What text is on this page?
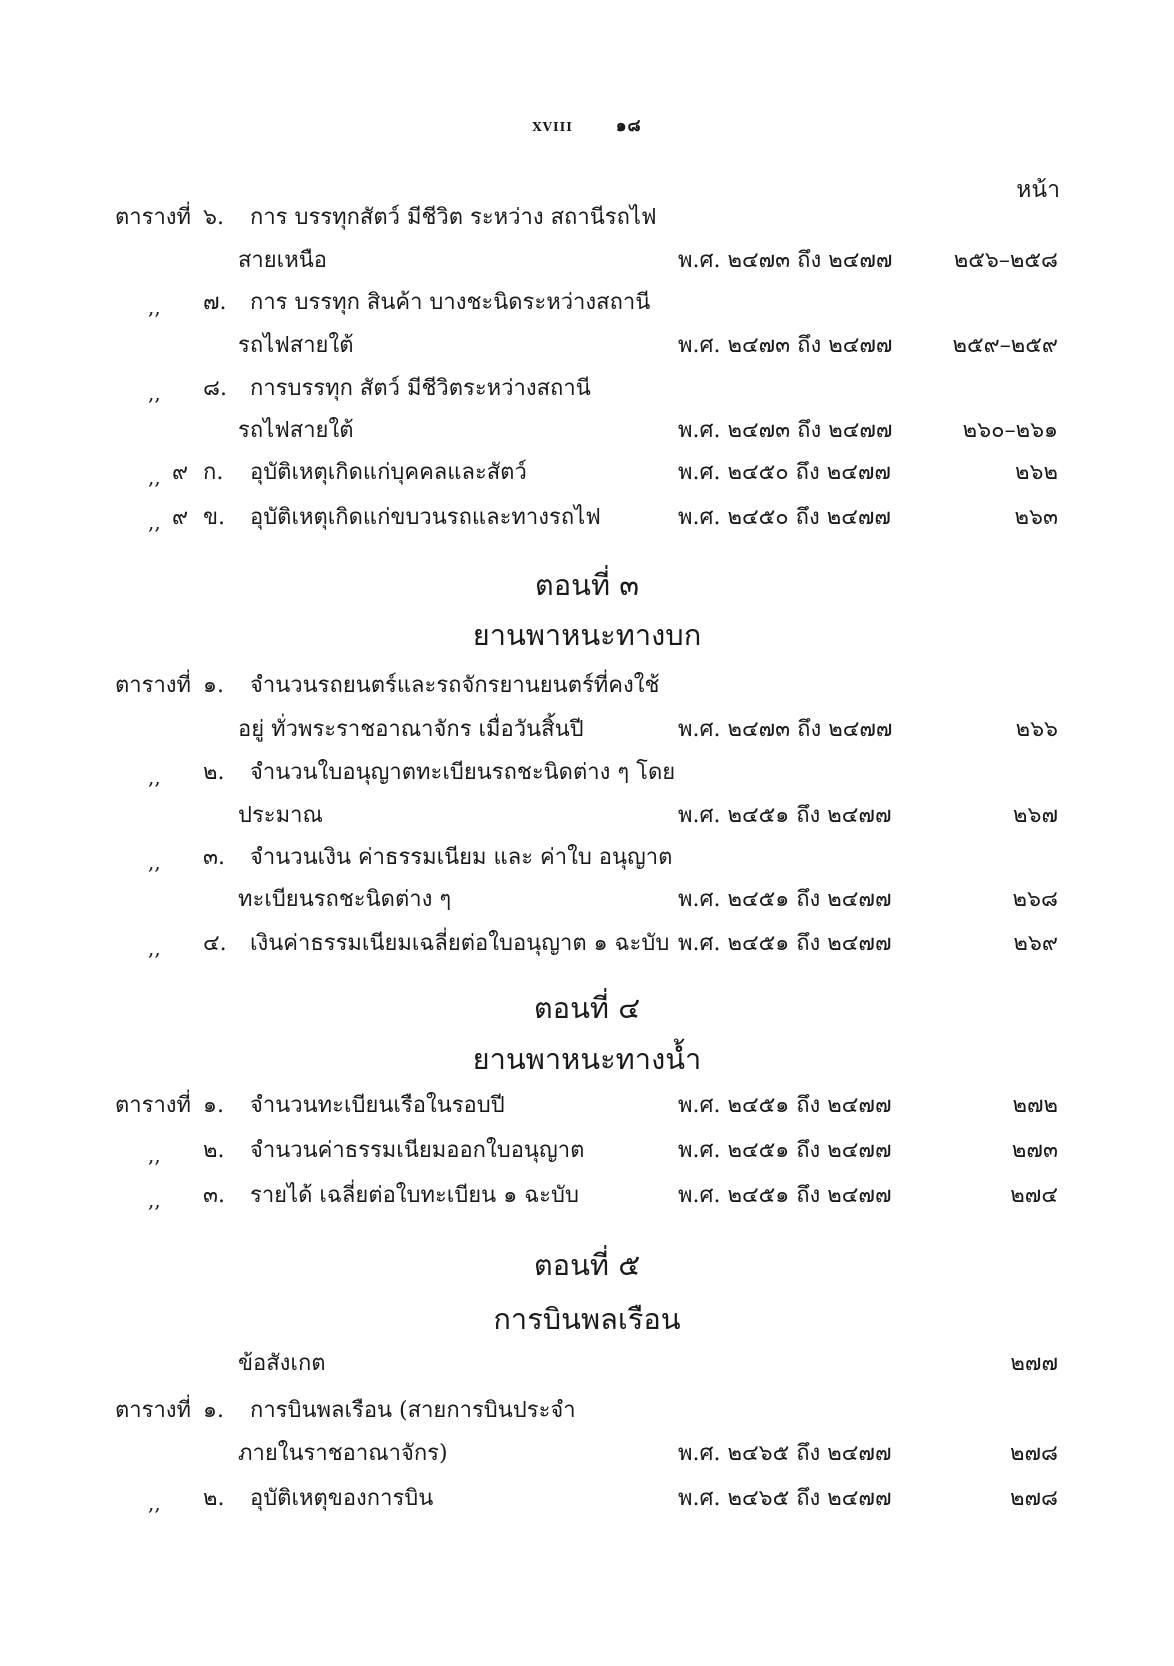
XVIII	๑๘
หน้า
ตารางที่ ๖. การ บรรทุกสัตว์ มีชีวิต ระหว่าง สถานีรถไฟ
สายเหนือ	พ.ศ. ๒๔๗๓ ถึง ๒๔๗๗	๒๕๖–๒๕๘
,, ๗. การ บรรทุก สินค้า บางชะนิดระหว่างสถานี
รถไฟสายใต้	พ.ศ. ๒๔๗๓ ถึง ๒๔๗๗	๒๕๙–๒๕๙
,, ๘. การบรรทุก สัตว์ มีชีวิตระหว่างสถานี
รถไฟสายใต้	พ.ศ. ๒๔๗๓ ถึง ๒๔๗๗	๒๖๐–๒๖๑
,, ๙ ก. อุบัติเหตุเกิดแก่บุคคลและสัตว์	พ.ศ. ๒๔๕๐ ถึง ๒๔๗๗	๒๖๒
,, ๙ ข. อุบัติเหตุเกิดแก่ขบวนรถและทางรถไฟ	พ.ศ. ๒๔๕๐ ถึง ๒๔๗๗	๒๖๓
ตอนที่ ๓
ยานพาหนะทางบก
ตารางที่ ๑. จำนวนรถยนตร์และรถจักรยานยนตร์ที่คงใช้
อยู่ ทั่วพระราชอาณาจักร เมื่อวันสิ้นปี	พ.ศ. ๒๔๗๓ ถึง ๒๔๗๗	๒๖๖
,, ๒. จำนวนใบอนุญาตทะเบียนรถชะนิดต่าง ๆ โดย
ประมาณ	พ.ศ. ๒๔๕๑ ถึง ๒๔๗๗	๒๖๗
,, ๓. จำนวนเงิน ค่าธรรมเนียม และ ค่าใบ อนุญาต
ทะเบียนรถชะนิดต่าง ๆ	พ.ศ. ๒๔๕๑ ถึง ๒๔๗๗	๒๖๘
,, ๔. เงินค่าธรรมเนียมเฉลี่ยต่อใบอนุญาต ๑ ฉะบับ พ.ศ. ๒๔๕๑ ถึง ๒๔๗๗	๒๖๙
ตอนที่ ๔
ยานพาหนะทางน้ำ
ตารางที่ ๑. จำนวนทะเบียนเรือในรอบปี	พ.ศ. ๒๔๕๑ ถึง ๒๔๗๗	๒๗๒
,, ๒. จำนวนค่าธรรมเนียมออกใบอนุญาต	พ.ศ. ๒๔๕๑ ถึง ๒๔๗๗	๒๗๓
,, ๓. รายได้ เฉลี่ยต่อใบทะเบียน ๑ ฉะบับ	พ.ศ. ๒๔๕๑ ถึง ๒๔๗๗	๒๗๔
ตอนที่ ๕
การบินพลเรือน
ข้อสังเกต	๒๗๗
ตารางที่ ๑. การบินพลเรือน (สายการบินประจำ
ภายในราชอาณาจักร)	พ.ศ. ๒๔๖๕ ถึง ๒๔๗๗	๒๗๘
,, ๒. อุบัติเหตุของการบิน	พ.ศ. ๒๔๖๕ ถึง ๒๔๗๗	๒๗๘
